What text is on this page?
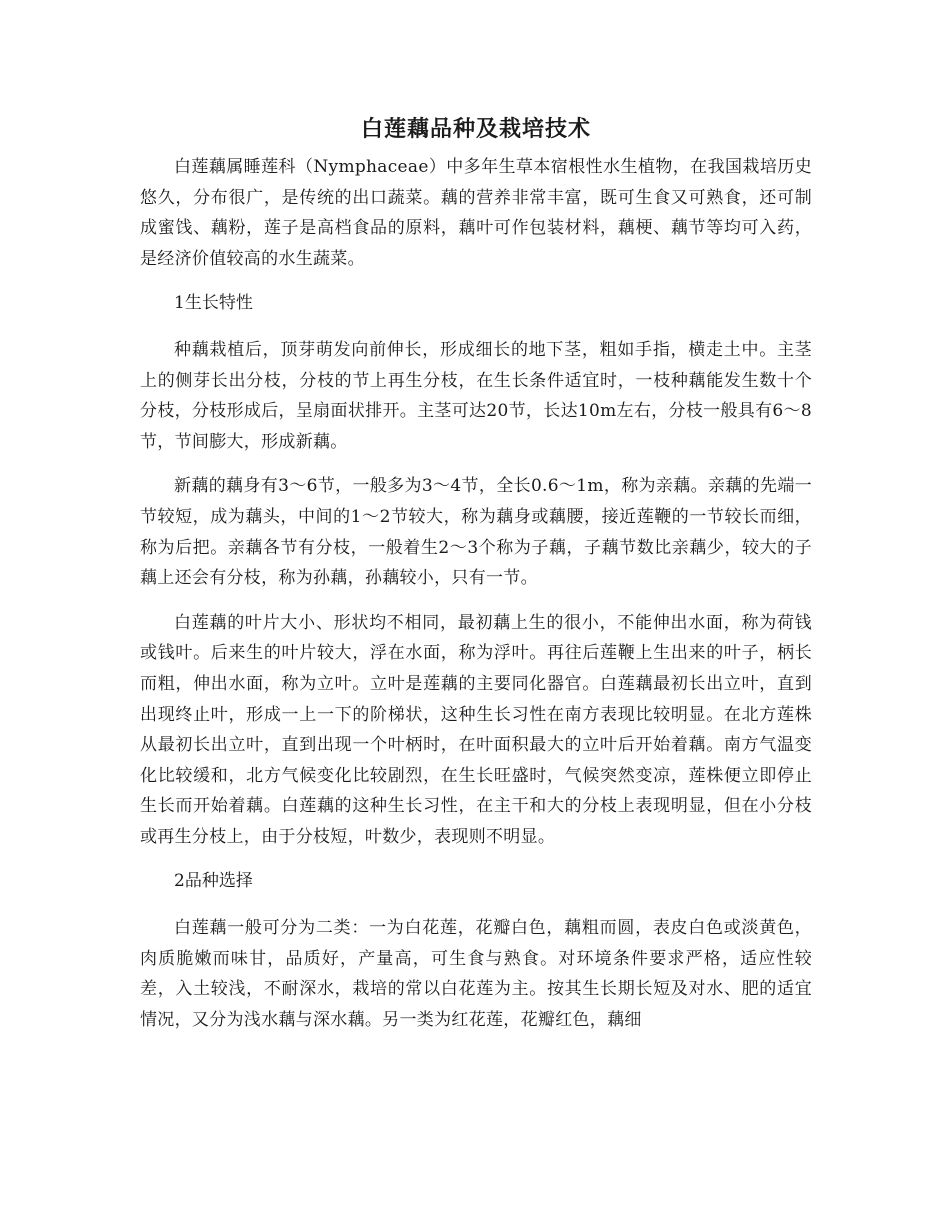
白莲藕品种及栽培技术

白莲藕属睡莲科（Nymphaceae）中多年生草本宿根性水生植物，在我国栽培历史悠久，分布很广，是传统的出口蔬菜。藕的营养非常丰富，既可生食又可熟食，还可制成蜜饯、藕粉，莲子是高档食品的原料，藕叶可作包装材料，藕梗、藕节等均可入药，是经济价值较高的水生蔬菜。

1生长特性

种藕栽植后，顶芽萌发向前伸长，形成细长的地下茎，粗如手指，横走土中。主茎上的侧芽长出分枝，分枝的节上再生分枝，在生长条件适宜时，一枝种藕能发生数十个分枝，分枝形成后，呈扇面状排开。主茎可达20节，长达10m左右，分枝一般具有6～8节，节间膨大，形成新藕。

新藕的藕身有3～6节，一般多为3～4节，全长0.6～1m，称为亲藕。亲藕的先端一节较短，成为藕头，中间的1～2节较大，称为藕身或藕腰，接近莲鞭的一节较长而细，称为后把。亲藕各节有分枝，一般着生2～3个称为子藕，子藕节数比亲藕少，较大的子藕上还会有分枝，称为孙藕，孙藕较小，只有一节。

白莲藕的叶片大小、形状均不相同，最初藕上生的很小，不能伸出水面，称为荷钱或钱叶。后来生的叶片较大，浮在水面，称为浮叶。再往后莲鞭上生出来的叶子，柄长而粗，伸出水面，称为立叶。立叶是莲藕的主要同化器官。白莲藕最初长出立叶，直到出现终止叶，形成一上一下的阶梯状，这种生长习性在南方表现比较明显。在北方莲株从最初长出立叶，直到出现一个叶柄时，在叶面积最大的立叶后开始着藕。南方气温变化比较缓和，北方气候变化比较剧烈，在生长旺盛时，气候突然变凉，莲株便立即停止生长而开始着藕。白莲藕的这种生长习性，在主干和大的分枝上表现明显，但在小分枝或再生分枝上，由于分枝短，叶数少，表现则不明显。

2品种选择

白莲藕一般可分为二类：一为白花莲，花瓣白色，藕粗而圆，表皮白色或淡黄色，肉质脆嫩而味甘，品质好，产量高，可生食与熟食。对环境条件要求严格，适应性较差，入土较浅，不耐深水，栽培的常以白花莲为主。按其生长期长短及对水、肥的适宜情况，又分为浅水藕与深水藕。另一类为红花莲，花瓣红色，藕细
